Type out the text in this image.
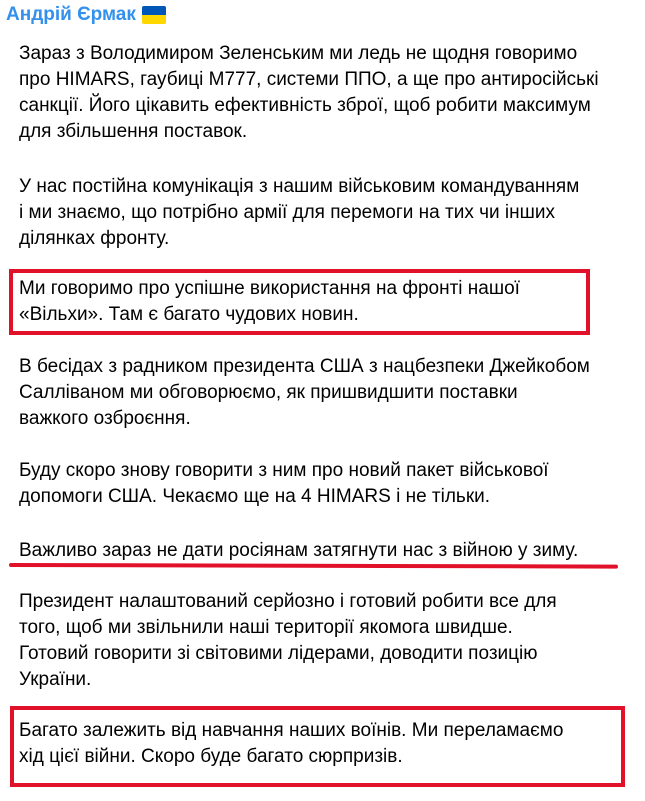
Андрій Єрмак

Зараз з Володимиром Зеленським ми ледь не щодня говоримо
про HIMARS, гаубиці М777, системи ППО, а ще про антиросійські
санкції. Його цікавить ефективність зброї, щоб робити максимум
для збільшення поставок.

У нас постійна комунікація з нашим військовим командуванням
і ми знаємо, що потрібно армії для перемоги на тих чи інших
ділянках фронту.

Ми говоримо про успішне використання на фронті нашої
«Вільхи». Там є багато чудових новин.

В бесідах з радником президента США з нацбезпеки Джейкобом
Салліваном ми обговорюємо, як пришвидшити поставки
важкого озброєння.

Буду скоро знову говорити з ним про новий пакет військової
допомоги США. Чекаємо ще на 4 HIMARS і не тільки.

Важливо зараз не дати росіянам затягнути нас з війною у зиму.

Президент налаштований серйозно і готовий робити все для
того, щоб ми звільнили наші території якомога швидше.
Готовий говорити зі світовими лідерами, доводити позицію
України.

Багато залежить від навчання наших воїнів. Ми переламаємо
хід цієї війни. Скоро буде багато сюрпризів.
